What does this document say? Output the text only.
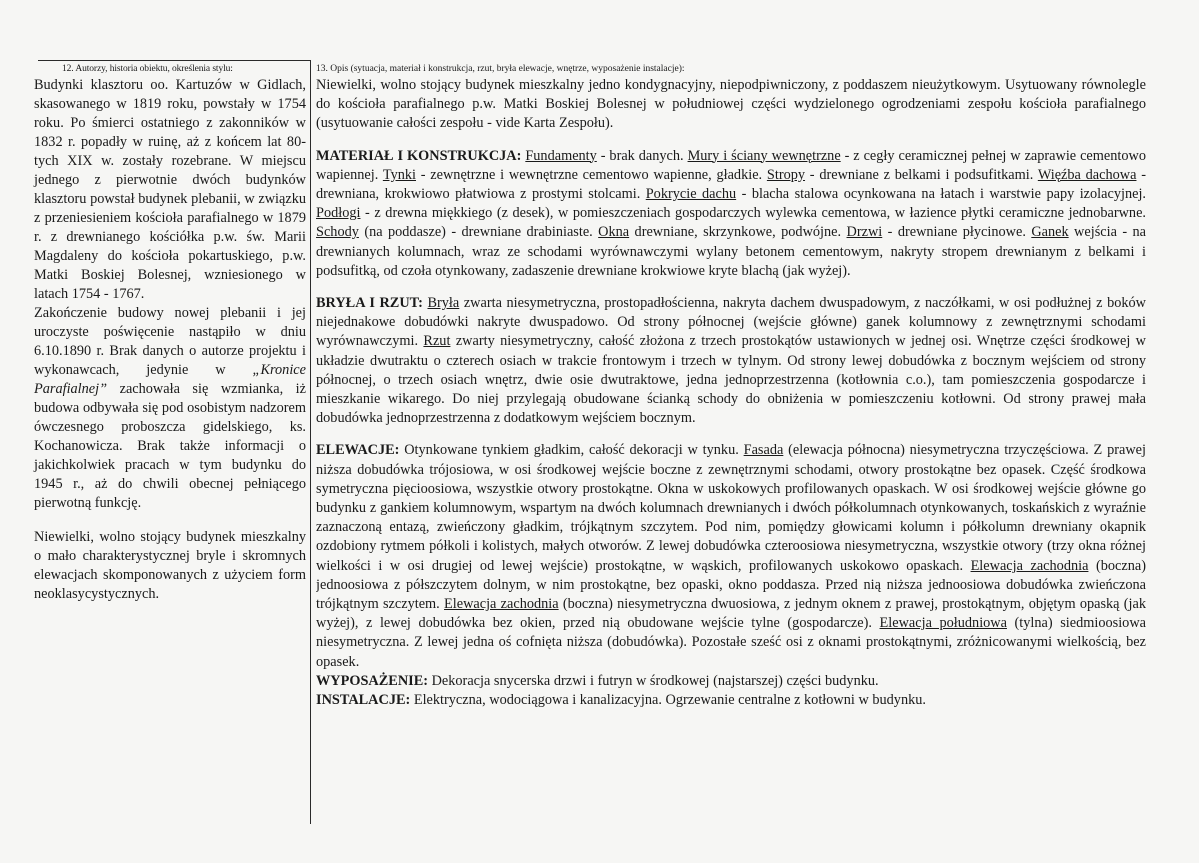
12. Autorzy, historia obiektu, określenia stylu:

Budynki klasztoru oo. Kartuzów w Gidlach, skasowanego w 1819 roku, powstały w 1754 roku. Po śmierci ostatniego z zakonników w 1832 r. popadły w ruinę, aż z końcem lat 80-tych XIX w. zostały rozebrane. W miejscu jednego z pierwotnie dwóch budynków klasztoru powstał budynek plebanii, w związku z przeniesieniem kościoła parafialnego w 1879 r. z drewnianego kościółka p.w. św. Marii Magdaleny do kościoła pokartuskiego, p.w. Matki Boskiej Bolesnej, wzniesionego w latach 1754 - 1767.

Zakończenie budowy nowej plebanii i jej uroczyste poświęcenie nastąpiło w dniu 6.10.1890 r. Brak danych o autorze projektu i wykonawcach, jedynie w „Kronice Parafialnej” zachowała się wzmianka, iż budowa odbywała się pod osobistym nadzorem ówczesnego proboszcza gidelskiego, ks. Kochanowicza. Brak także informacji o jakichkolwiek pracach w tym budynku do 1945 r., aż do chwili obecnej pełniącego pierwotną funkcję.

Niewielki, wolno stojący budynek mieszkalny o mało charakterystycznej bryle i skromnych elewacjach skomponowanych z użyciem form neoklasycystycznych.

13. Opis (sytuacja, materiał i konstrukcja, rzut, bryła elewacje, wnętrze, wyposażenie instalacje):

Niewielki, wolno stojący budynek mieszkalny jedno kondygnacyjny, niepodpiwniczony, z poddaszem nieużytkowym. Usytuowany równolegle do kościoła parafialnego p.w. Matki Boskiej Bolesnej w południowej części wydzielonego ogrodzeniami zespołu kościoła parafialnego (usytuowanie całości zespołu - vide Karta Zespołu).

MATERIAŁ I KONSTRUKCJA: Fundamenty - brak danych. Mury i ściany wewnętrzne - z cegły ceramicznej pełnej w zaprawie cementowo wapiennej. Tynki - zewnętrzne i wewnętrzne cementowo wapienne, gładkie. Stropy - drewniane z belkami i podsufitkami. Więźba dachowa - drewniana, krokwiowo płatwiowa z prostymi stolcami. Pokrycie dachu - blacha stalowa ocynkowana na łatach i warstwie papy izolacyjnej. Podłogi - z drewna miękkiego (z desek), w pomieszczeniach gospodarczych wylewka cementowa, w łazience płytki ceramiczne jednobarwne. Schody (na poddasze) - drewniane drabiniaste. Okna drewniane, skrzynkowe, podwójne. Drzwi - drewniane płycinowe. Ganek wejścia - na drewnianych kolumnach, wraz ze schodami wyrównawczymi wylany betonem cementowym, nakryty stropem drewnianym z belkami i podsufitką, od czoła otynkowany, zadaszenie drewniane krokwiowe kryte blachą (jak wyżej).

BRYŁA I RZUT: Bryła zwarta niesymetryczna, prostopadłościenna, nakryta dachem dwuspadowym, z naczółkami, w osi podłużnej z boków niejednakowe dobudówki nakryte dwuspadowo. Od strony północnej (wejście główne) ganek kolumnowy z zewnętrznymi schodami wyrównawczymi. Rzut zwarty niesymetryczny, całość złożona z trzech prostokątów ustawionych w jednej osi. Wnętrze części środkowej w układzie dwutraktu o czterech osiach w trakcie frontowym i trzech w tylnym. Od strony lewej dobudówka z bocznym wejściem od strony północnej, o trzech osiach wnętrz, dwie osie dwutraktowe, jedna jednoprzestrzenna (kotłownia c.o.), tam pomieszczenia gospodarcze i mieszkanie wikarego. Do niej przylegają obudowane ścianką schody do obniżenia w pomieszczeniu kotłowni. Od strony prawej mała dobudówka jednoprzestrzenna z dodatkowym wejściem bocznym.

ELEWACJE: Otynkowane tynkiem gładkim, całość dekoracji w tynku. Fasada (elewacja północna) niesymetryczna trzyczęściowa. Z prawej niższa dobudówka trójosiowa, w osi środkowej wejście boczne z zewnętrznymi schodami, otwory prostokątne bez opasek. Część środkowa symetryczna pięcioosiowa, wszystkie otwory prostokątne. Okna w uskokowych profilowanych opaskach. W osi środkowej wejście główne go budynku z gankiem kolumnowym, wspartym na dwóch kolumnach drewnianych i dwóch półkolumnach otynkowanych, toskańskich z wyraźnie zaznaczoną entazą, zwieńczony gładkim, trójkątnym szczytem. Pod nim, pomiędzy głowicami kolumn i półkolumn drewniany okapnik ozdobiony rytmem półkoli i kolistych, małych otworów. Z lewej dobudówka czteroosiowa niesymetryczna, wszystkie otwory (trzy okna różnej wielkości i w osi drugiej od lewej wejście) prostokątne, w wąskich, profilowanych uskokowo opaskach. Elewacja zachodnia (boczna) jednoosiowa z półszczytem dolnym, w nim prostokątne, bez opaski, okno poddasza. Przed nią niższa jednoosiowa dobudówka zwieńczona trójkątnym szczytem. Elewacja zachodnia (boczna) niesymetryczna dwuosiowa, z jednym oknem z prawej, prostokątnym, objętym opaską (jak wyżej), z lewej dobudówka bez okien, przed nią obudowane wejście tylne (gospodarcze). Elewacja południowa (tylna) siedmioosiowa niesymetryczna. Z lewej jedna oś cofnięta niższa (dobudówka). Pozostałe sześć osi z oknami prostokątnymi, zróżnicowanymi wielkością, bez opasek.

WYPOSAŻENIE: Dekoracja snycerska drzwi i futryn w środkowej (najstarszej) części budynku.

INSTALACJE: Elektryczna, wodociągowa i kanalizacyjna. Ogrzewanie centralne z kotłowni w budynku.
